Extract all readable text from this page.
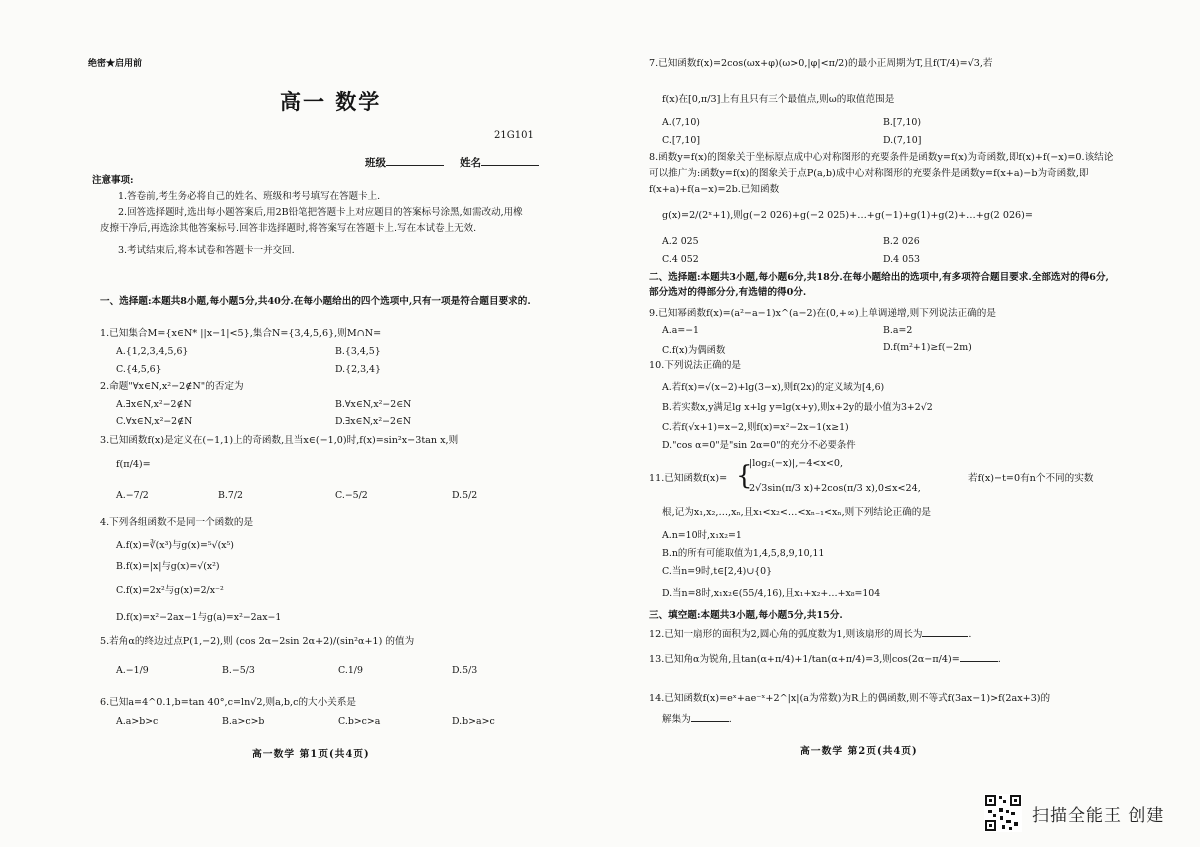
绝密★启用前
高一 数学
21G101
班级	姓名
注意事项:

1.答卷前,考生务必将自己的姓名、班级和考号填写在答题卡上.

2.回答选择题时,选出每小题答案后,用2B铅笔把答题卡上对应题目的答案标号涂黑,如需改动,用橡皮擦干净后,再选涂其他答案标号.回答非选择题时,将答案写在答题卡上.写在本试卷上无效.

3.考试结束后,将本试卷和答题卡一并交回.

一、选择题:本题共8小题,每小题5分,共40分.在每小题给出的四个选项中,只有一项是符合题目要求的.
1.已知集合M={x∈N* ||x−1|<5},集合N={3,4,5,6},则M∩N=
A.{1,2,3,4,5,6}	B.{3,4,5}
C.{4,5,6}	D.{2,3,4}
2.命题"∀x∈N,x²−2∉N"的否定为
A.∃x∈N,x²−2∉N	B.∀x∈N,x²−2∈N
C.∀x∈N,x²−2∉N	D.∃x∈N,x²−2∈N
3.已知函数f(x)是定义在(−1,1)上的奇函数,且当x∈(−1,0)时,f(x)=sin²x−3tan x,则
f(π/4)=
A.−7/2	B.7/2	C.−5/2	D.5/2
4.下列各组函数不是同一个函数的是
A.f(x)=∛(x³)与g(x)=⁵√(x⁵)
B.f(x)=|x|与g(x)=√(x²)
C.f(x)=2x²与g(x)=2/x⁻²
D.f(x)=x²−2ax−1与g(a)=x²−2ax−1
5.若角α的终边过点P(1,−2),则 (cos 2α−2sin 2α+2)/(sin²α+1) 的值为
A.−1/9	B.−5/3	C.1/9	D.5/3
6.已知a=4^0.1,b=tan 40°,c=ln√2,则a,b,c的大小关系是
A.a>b>c	B.a>c>b	C.b>c>a	D.b>a>c
高一数学 第1页(共4页)
7.已知函数f(x)=2cos(ωx+φ)(ω>0,|φ|<π/2)的最小正周期为T,且f(T/4)=√3,若
f(x)在[0,π/3]上有且只有三个最值点,则ω的取值范围是
A.(7,10)	B.[7,10)
C.[7,10]	D.(7,10]
8.函数y=f(x)的图象关于坐标原点成中心对称图形的充要条件是函数y=f(x)为奇函数,即f(x)+f(−x)=0.该结论可以推广为:函数y=f(x)的图象关于点P(a,b)成中心对称图形的充要条件是函数y=f(x+a)−b为奇函数,即f(x+a)+f(a−x)=2b.已知函数
g(x)=2/(2ˣ+1),则g(−2 026)+g(−2 025)+…+g(−1)+g(1)+g(2)+…+g(2 026)=
A.2 025	B.2 026
C.4 052	D.4 053
二、选择题:本题共3小题,每小题6分,共18分.在每小题给出的选项中,有多项符合题目要求.全部选对的得6分,部分选对的得部分分,有选错的得0分.
9.已知幂函数f(x)=(a²−a−1)x^(a−2)在(0,+∞)上单调递增,则下列说法正确的是
A.a=−1	B.a=2
C.f(x)为偶函数	D.f(m²+1)≥f(−2m)
10.下列说法正确的是
A.若f(x)=√(x−2)+lg(3−x),则f(2x)的定义域为[4,6)
B.若实数x,y满足lg x+lg y=lg(x+y),则x+2y的最小值为3+2√2
C.若f(√x+1)=x−2,则f(x)=x²−2x−1(x≥1)
D."cos α=0"是"sin 2α=0"的充分不必要条件
11.已知函数f(x)= {
|log₂(−x)|,−4<x<0,
2√3sin(π/3 x)+2cos(π/3 x),0≤x<24,
若f(x)−t=0有n个不同的实数
根,记为x₁,x₂,…,xₙ,且x₁<x₂<…<xₙ₋₁<xₙ,则下列结论正确的是
A.n=10时,x₁x₂=1
B.n的所有可能取值为1,4,5,8,9,10,11
C.当n=9时,t∈[2,4)∪{0}
D.当n=8时,x₁x₂∈(55/4,16),且x₁+x₂+…+x₈=104
三、填空题:本题共3小题,每小题5分,共15分.
12.已知一扇形的面积为2,圆心角的弧度数为1,则该扇形的周长为	.
13.已知角α为锐角,且tan(α+π/4)+1/tan(α+π/4)=3,则cos(2α−π/4)=	.
14.已知函数f(x)=eˣ+ae⁻ˣ+2^|x|(a为常数)为R上的偶函数,则不等式f(3ax−1)>f(2ax+3)的
解集为	.
高一数学 第2页(共4页)
扫描全能王 创建
